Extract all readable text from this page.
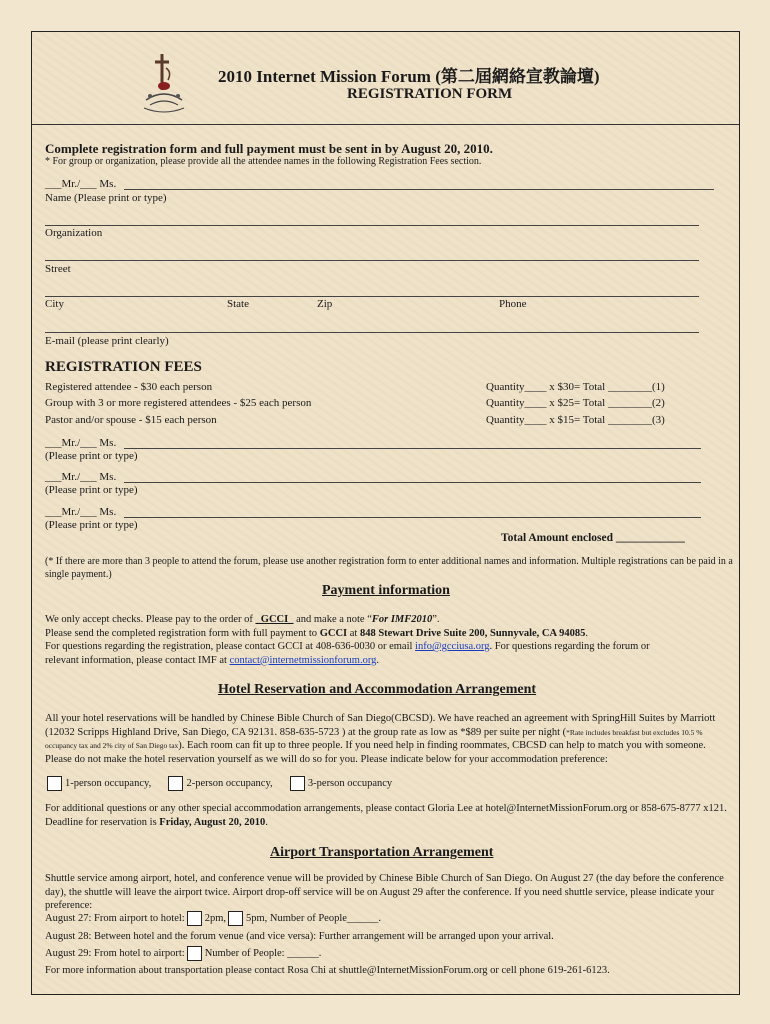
2010 Internet Mission Forum (第二屆網絡宣教論壇)
REGISTRATION FORM
Complete registration form and full payment must be sent in by August 20, 2010.
* For group or organization, please provide all the attendee names in the following Registration Fees section.
___Mr./___ Ms.
Name (Please print or type)
Organization
Street
City	State	Zip	Phone
E-mail (please print clearly)
REGISTRATION FEES
Registered attendee - $30 each person	Quantity____ x $30= Total ________(1)
Group with 3 or more registered attendees - $25 each person	Quantity____ x $25= Total ________(2)
Pastor and/or spouse - $15 each person	Quantity____ x $15= Total ________(3)
___Mr./___ Ms.
(Please print or type)
___Mr./___ Ms.
(Please print or type)
___Mr./___ Ms.
(Please print or type)
Total Amount enclosed ____________
(* If there are more than 3 people to attend the forum, please use another registration form to enter additional names and information. Multiple registrations can be paid in a single payment.)
Payment information
We only accept checks. Please pay to the order of _GCCI_ and make a note “For IMF2010”.
Please send the completed registration form with full payment to GCCI at 848 Stewart Drive Suite 200, Sunnyvale, CA 94085.
For questions regarding the registration, please contact GCCI at 408-636-0030 or email info@gcciusa.org. For questions regarding the forum or
relevant information, please contact IMF at contact@internetmissionforum.org.
Hotel Reservation and Accommodation Arrangement
All your hotel reservations will be handled by Chinese Bible Church of San Diego(CBCSD). We have reached an agreement with SpringHill Suites by Marriott (12032 Scripps Highland Drive, San Diego, CA 92131. 858-635-5723 ) at the group rate as low as *$89 per suite per night (*Rate includes breakfast but excludes 10.5 % occupancy tax and 2% city of San Diego tax). Each room can fit up to three people. If you need help in finding roommates, CBCSD can help to match you with someone. Please do not make the hotel reservation yourself as we will do so for you. Please indicate below for your accommodation preference:
1-person occupancy,	2-person occupancy,	3-person occupancy
For additional questions or any other special accommodation arrangements, please contact Gloria Lee at hotel@InternetMissionForum.org or 858-675-8777 x121. Deadline for reservation is Friday, August 20, 2010.
Airport Transportation Arrangement
Shuttle service among airport, hotel, and conference venue will be provided by Chinese Bible Church of San Diego. On August 27 (the day before the conference day), the shuttle will leave the airport twice. Airport drop-off service will be on August 29 after the conference. If you need shuttle service, please indicate your preference:
August 27: From airport to hotel: 2pm, 5pm, Number of People______.
August 28: Between hotel and the forum venue (and vice versa): Further arrangement will be arranged upon your arrival.
August 29: From hotel to airport: Number of People: ______.
For more information about transportation please contact Rosa Chi at shuttle@InternetMissionForum.org or cell phone 619-261-6123.
